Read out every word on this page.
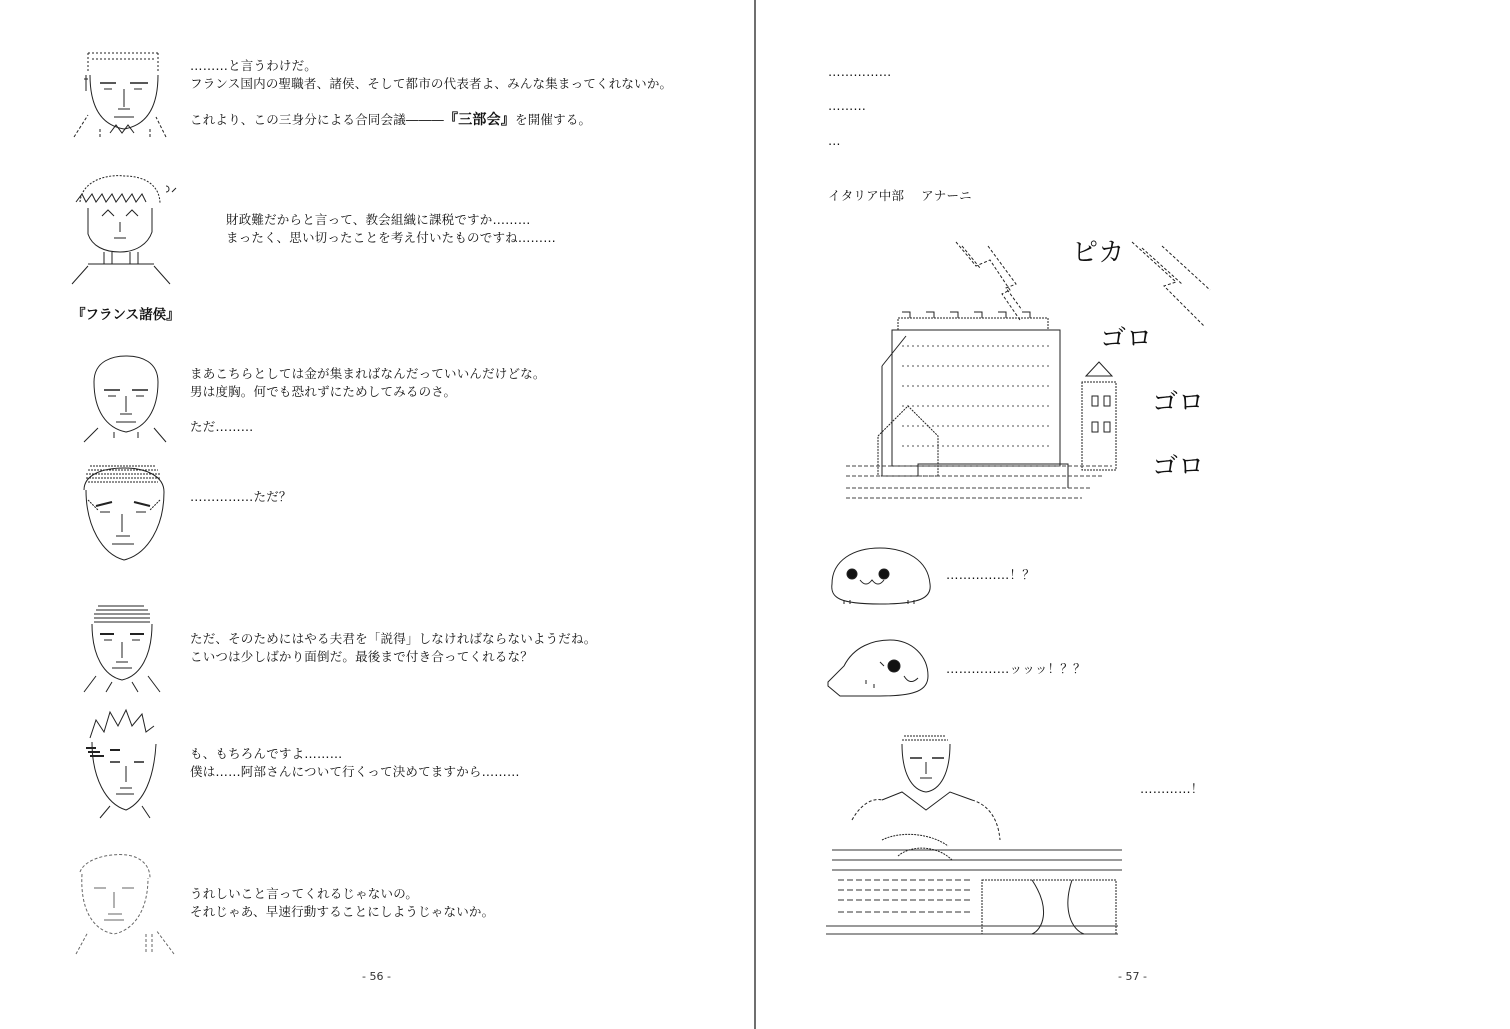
………と言うわけだ。
フランス国内の聖職者、諸侯、そして都市の代表者よ、みんな集まってくれないか。
これより、この三身分による合同会議―――『三部会』を開催する。
財政難だからと言って、教会組織に課税ですか………
まったく、思い切ったことを考え付いたものですね………
『フランス諸侯』
まあこちらとしては金が集まればなんだっていいんだけどな。
男は度胸。何でも恐れずにためしてみるのさ。
ただ………
……………ただ？
ただ、そのためにはやる夫君を「説得」しなければならないようだね。
こいつは少しばかり面倒だ。最後まで付き合ってくれるな？
も、もちろんですよ………
僕は……阿部さんについて行くって決めてますから………
うれしいこと言ってくれるじゃないの。
それじゃあ、早速行動することにしようじゃないか。
- 56 -
……………
………
…
イタリア中部　 アナーニ
ピカ
ゴロ
ゴロ
ゴロ
……………！？
……………ッッッ！？？
…………！
- 57 -
